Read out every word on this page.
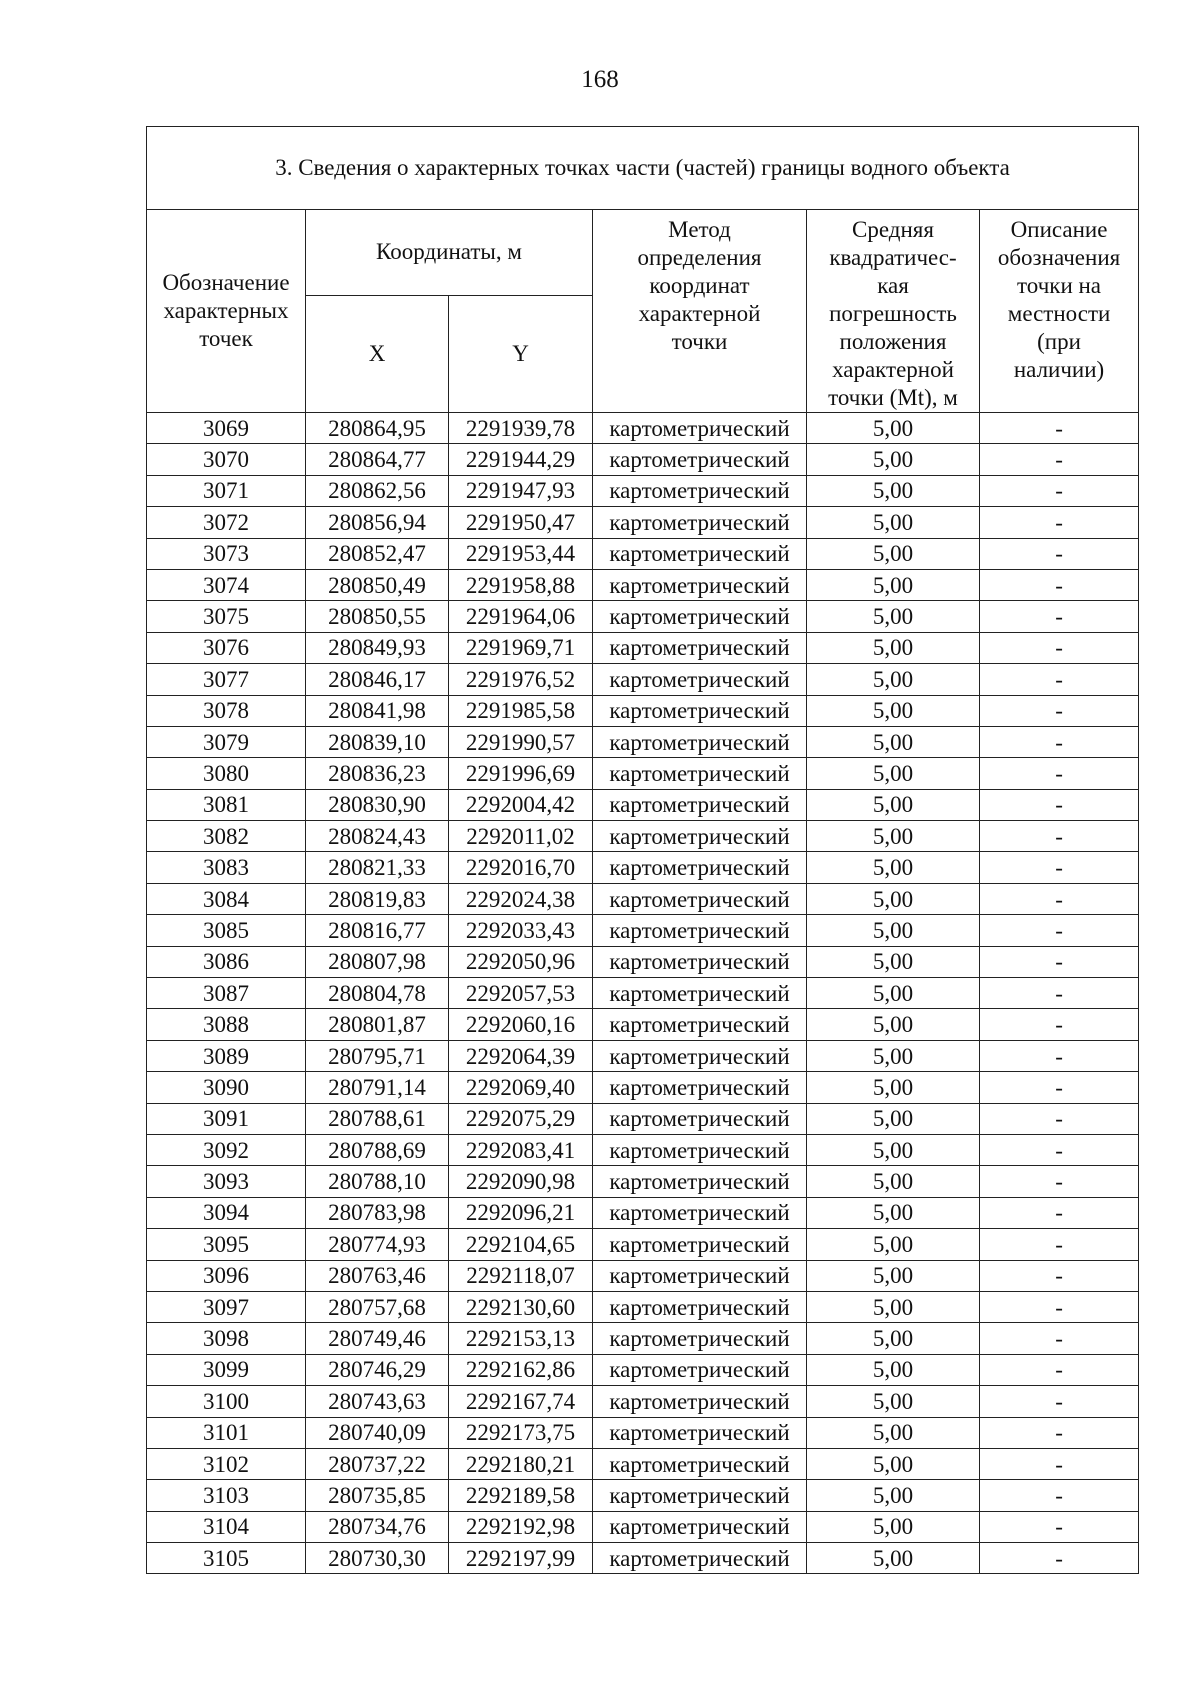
168
3. Сведения о характерных точках части (частей) границы водного объекта					

Обозначение характерных точек	Координаты, м		Метод определения координат характерной точки	Средняя квадратичес-кая погрешность положения характерной точки (Mt), м	Описание обозначения точки на местности (при наличии)

	X	Y			
3069	280864,95	2291939,78	картометрический	5,00	-
3070	280864,77	2291944,29	картометрический	5,00	-
3071	280862,56	2291947,93	картометрический	5,00	-
3072	280856,94	2291950,47	картометрический	5,00	-
3073	280852,47	2291953,44	картометрический	5,00	-
3074	280850,49	2291958,88	картометрический	5,00	-
3075	280850,55	2291964,06	картометрический	5,00	-
3076	280849,93	2291969,71	картометрический	5,00	-
3077	280846,17	2291976,52	картометрический	5,00	-
3078	280841,98	2291985,58	картометрический	5,00	-
3079	280839,10	2291990,57	картометрический	5,00	-
3080	280836,23	2291996,69	картометрический	5,00	-
3081	280830,90	2292004,42	картометрический	5,00	-
3082	280824,43	2292011,02	картометрический	5,00	-
3083	280821,33	2292016,70	картометрический	5,00	-
3084	280819,83	2292024,38	картометрический	5,00	-
3085	280816,77	2292033,43	картометрический	5,00	-
3086	280807,98	2292050,96	картометрический	5,00	-
3087	280804,78	2292057,53	картометрический	5,00	-
3088	280801,87	2292060,16	картометрический	5,00	-
3089	280795,71	2292064,39	картометрический	5,00	-
3090	280791,14	2292069,40	картометрический	5,00	-
3091	280788,61	2292075,29	картометрический	5,00	-
3092	280788,69	2292083,41	картометрический	5,00	-
3093	280788,10	2292090,98	картометрический	5,00	-
3094	280783,98	2292096,21	картометрический	5,00	-
3095	280774,93	2292104,65	картометрический	5,00	-
3096	280763,46	2292118,07	картометрический	5,00	-
3097	280757,68	2292130,60	картометрический	5,00	-
3098	280749,46	2292153,13	картометрический	5,00	-
3099	280746,29	2292162,86	картометрический	5,00	-
3100	280743,63	2292167,74	картометрический	5,00	-
3101	280740,09	2292173,75	картометрический	5,00	-
3102	280737,22	2292180,21	картометрический	5,00	-
3103	280735,85	2292189,58	картометрический	5,00	-
3104	280734,76	2292192,98	картометрический	5,00	-
3105	280730,30	2292197,99	картометрический	5,00	-
